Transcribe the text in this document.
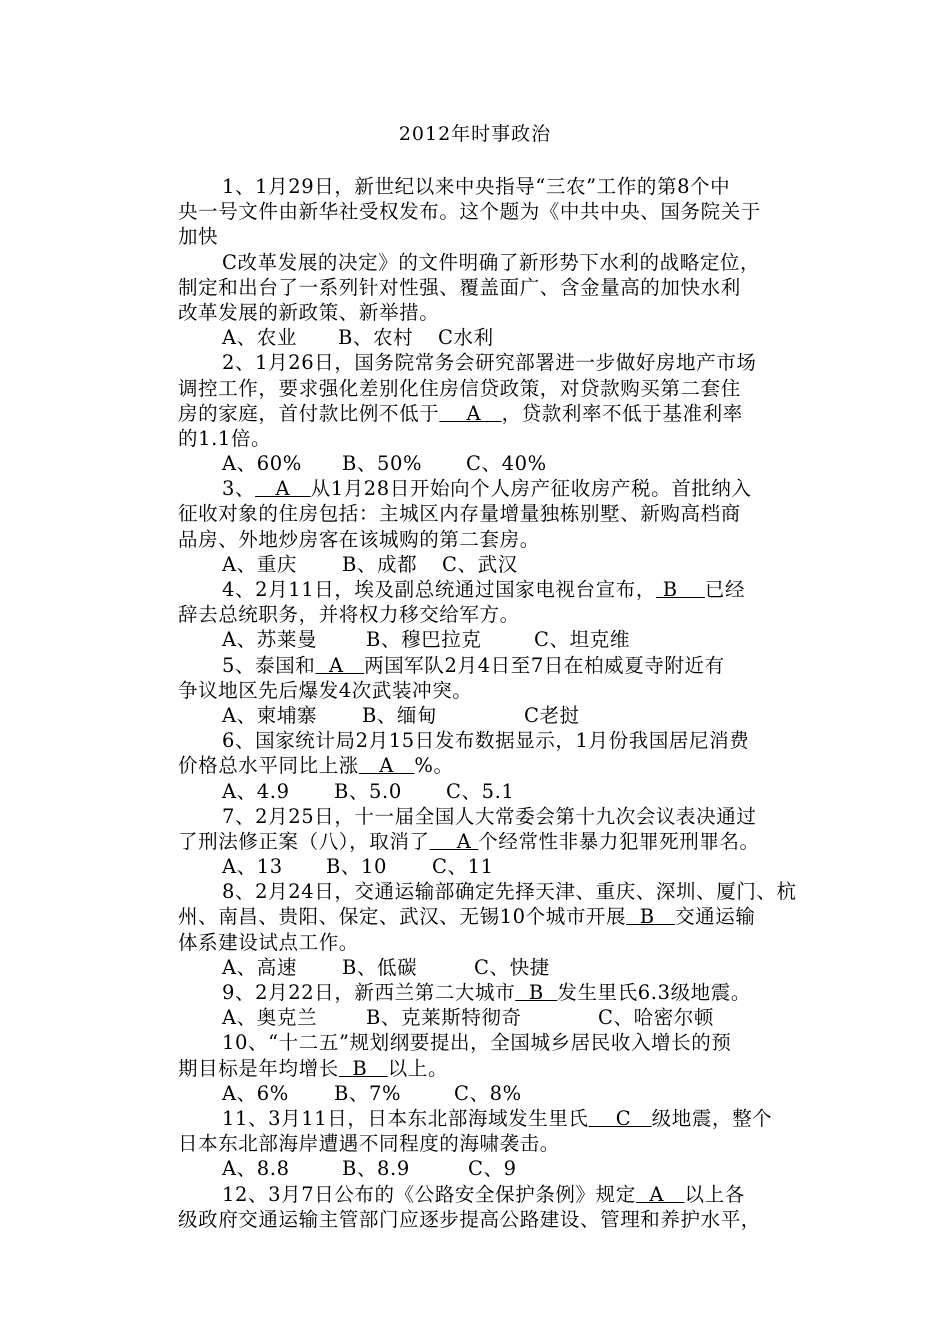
2012年时事政治
1、1月29日，新世纪以来中央指导“三农”工作的第8个中
央一号文件由新华社受权发布。这个题为《中共中央、国务院关于
加快
C改革发展的决定》的文件明确了新形势下水利的战略定位，
制定和出台了一系列针对性强、覆盖面广、含金量高的加快水利
改革发展的新政策、新举措。
A、农业 B、农村 C水利
2、1月26日，国务院常务会研究部署进一步做好房地产市场
调控工作，要求强化差别化住房信贷政策，对贷款购买第二套住
房的家庭，首付款比例不低于    A   ，贷款利率不低于基准利率
的1.1倍。
A、60% B、50% C、40%
3、   A   从1月28日开始向个人房产征收房产税。首批纳入
征收对象的住房包括：主城区内存量增量独栋别墅、新购高档商
品房、外地炒房客在该城购的第二套房。
A、重庆 B、成都 C、武汉
4、2月11日，埃及副总统通过国家电视台宣布， B    已经
辞去总统职务，并将权力移交给军方。
A、苏莱曼	B、穆巴拉克	C、坦克维
5、泰国和  A   两国军队2月4日至7日在柏威夏寺附近有
争议地区先后爆发4次武装冲突。
A、柬埔寨 B、缅甸	C老挝
6、国家统计局2月15日发布数据显示，1月份我国居尼消费
价格总水平同比上涨   A   %。
A、4.9 B、5.0 C、5.1
7、2月25日，十一届全国人大常委会第十九次会议表决通过
了刑法修正案（八），取消了    A 个经常性非暴力犯罪死刑罪名。
A、13 B、10 C、11
8、2月24日，交通运输部确定先择天津、重庆、深圳、厦门、杭
州、南昌、贵阳、保定、武汉、无锡10个城市开展  B   交通运输
体系建设试点工作。
A、高速 B、低碳	C、快捷
9、2月22日，新西兰第二大城市  B  发生里氏6.3级地震。
A、奥克兰	B、克莱斯特彻奇	C、哈密尔顿
10、“十二五”规划纲要提出，全国城乡居民收入增长的预
期目标是年均增长  B   以上。
A、6% B、7%	C、8%
11、3月11日，日本东北部海域发生里氏    C   级地震，整个
日本东北部海岸遭遇不同程度的海啸袭击。
A、8.8	B、8.9	C、9
12、3月7日公布的《公路安全保护条例》规定  A   以上各
级政府交通运输主管部门应逐步提高公路建设、管理和养护水平，
